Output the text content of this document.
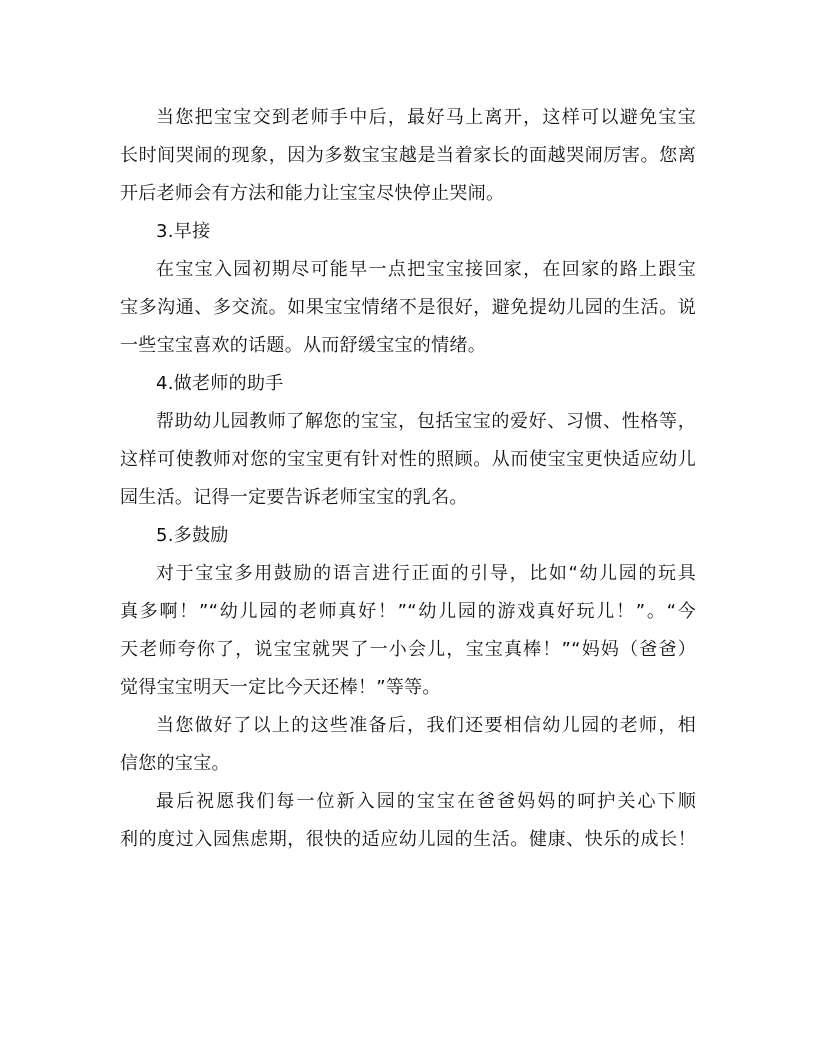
当您把宝宝交到老师手中后，最好马上离开，这样可以避免宝宝
长时间哭闹的现象，因为多数宝宝越是当着家长的面越哭闹厉害。您离
开后老师会有方法和能力让宝宝尽快停止哭闹。
3.早接
在宝宝入园初期尽可能早一点把宝宝接回家，在回家的路上跟宝
宝多沟通、多交流。如果宝宝情绪不是很好，避免提幼儿园的生活。说
一些宝宝喜欢的话题。从而舒缓宝宝的情绪。
4.做老师的助手
帮助幼儿园教师了解您的宝宝，包括宝宝的爱好、习惯、性格等，
这样可使教师对您的宝宝更有针对性的照顾。从而使宝宝更快适应幼儿
园生活。记得一定要告诉老师宝宝的乳名。
5.多鼓励
对于宝宝多用鼓励的语言进行正面的引导，比如“幼儿园的玩具
真多啊！”“幼儿园的老师真好！”“幼儿园的游戏真好玩儿！”。“今
天老师夸你了，说宝宝就哭了一小会儿，宝宝真棒！”“妈妈（爸爸）
觉得宝宝明天一定比今天还棒！”等等。
当您做好了以上的这些准备后，我们还要相信幼儿园的老师，相
信您的宝宝。
最后祝愿我们每一位新入园的宝宝在爸爸妈妈的呵护关心下顺
利的度过入园焦虑期，很快的适应幼儿园的生活。健康、快乐的成长！
